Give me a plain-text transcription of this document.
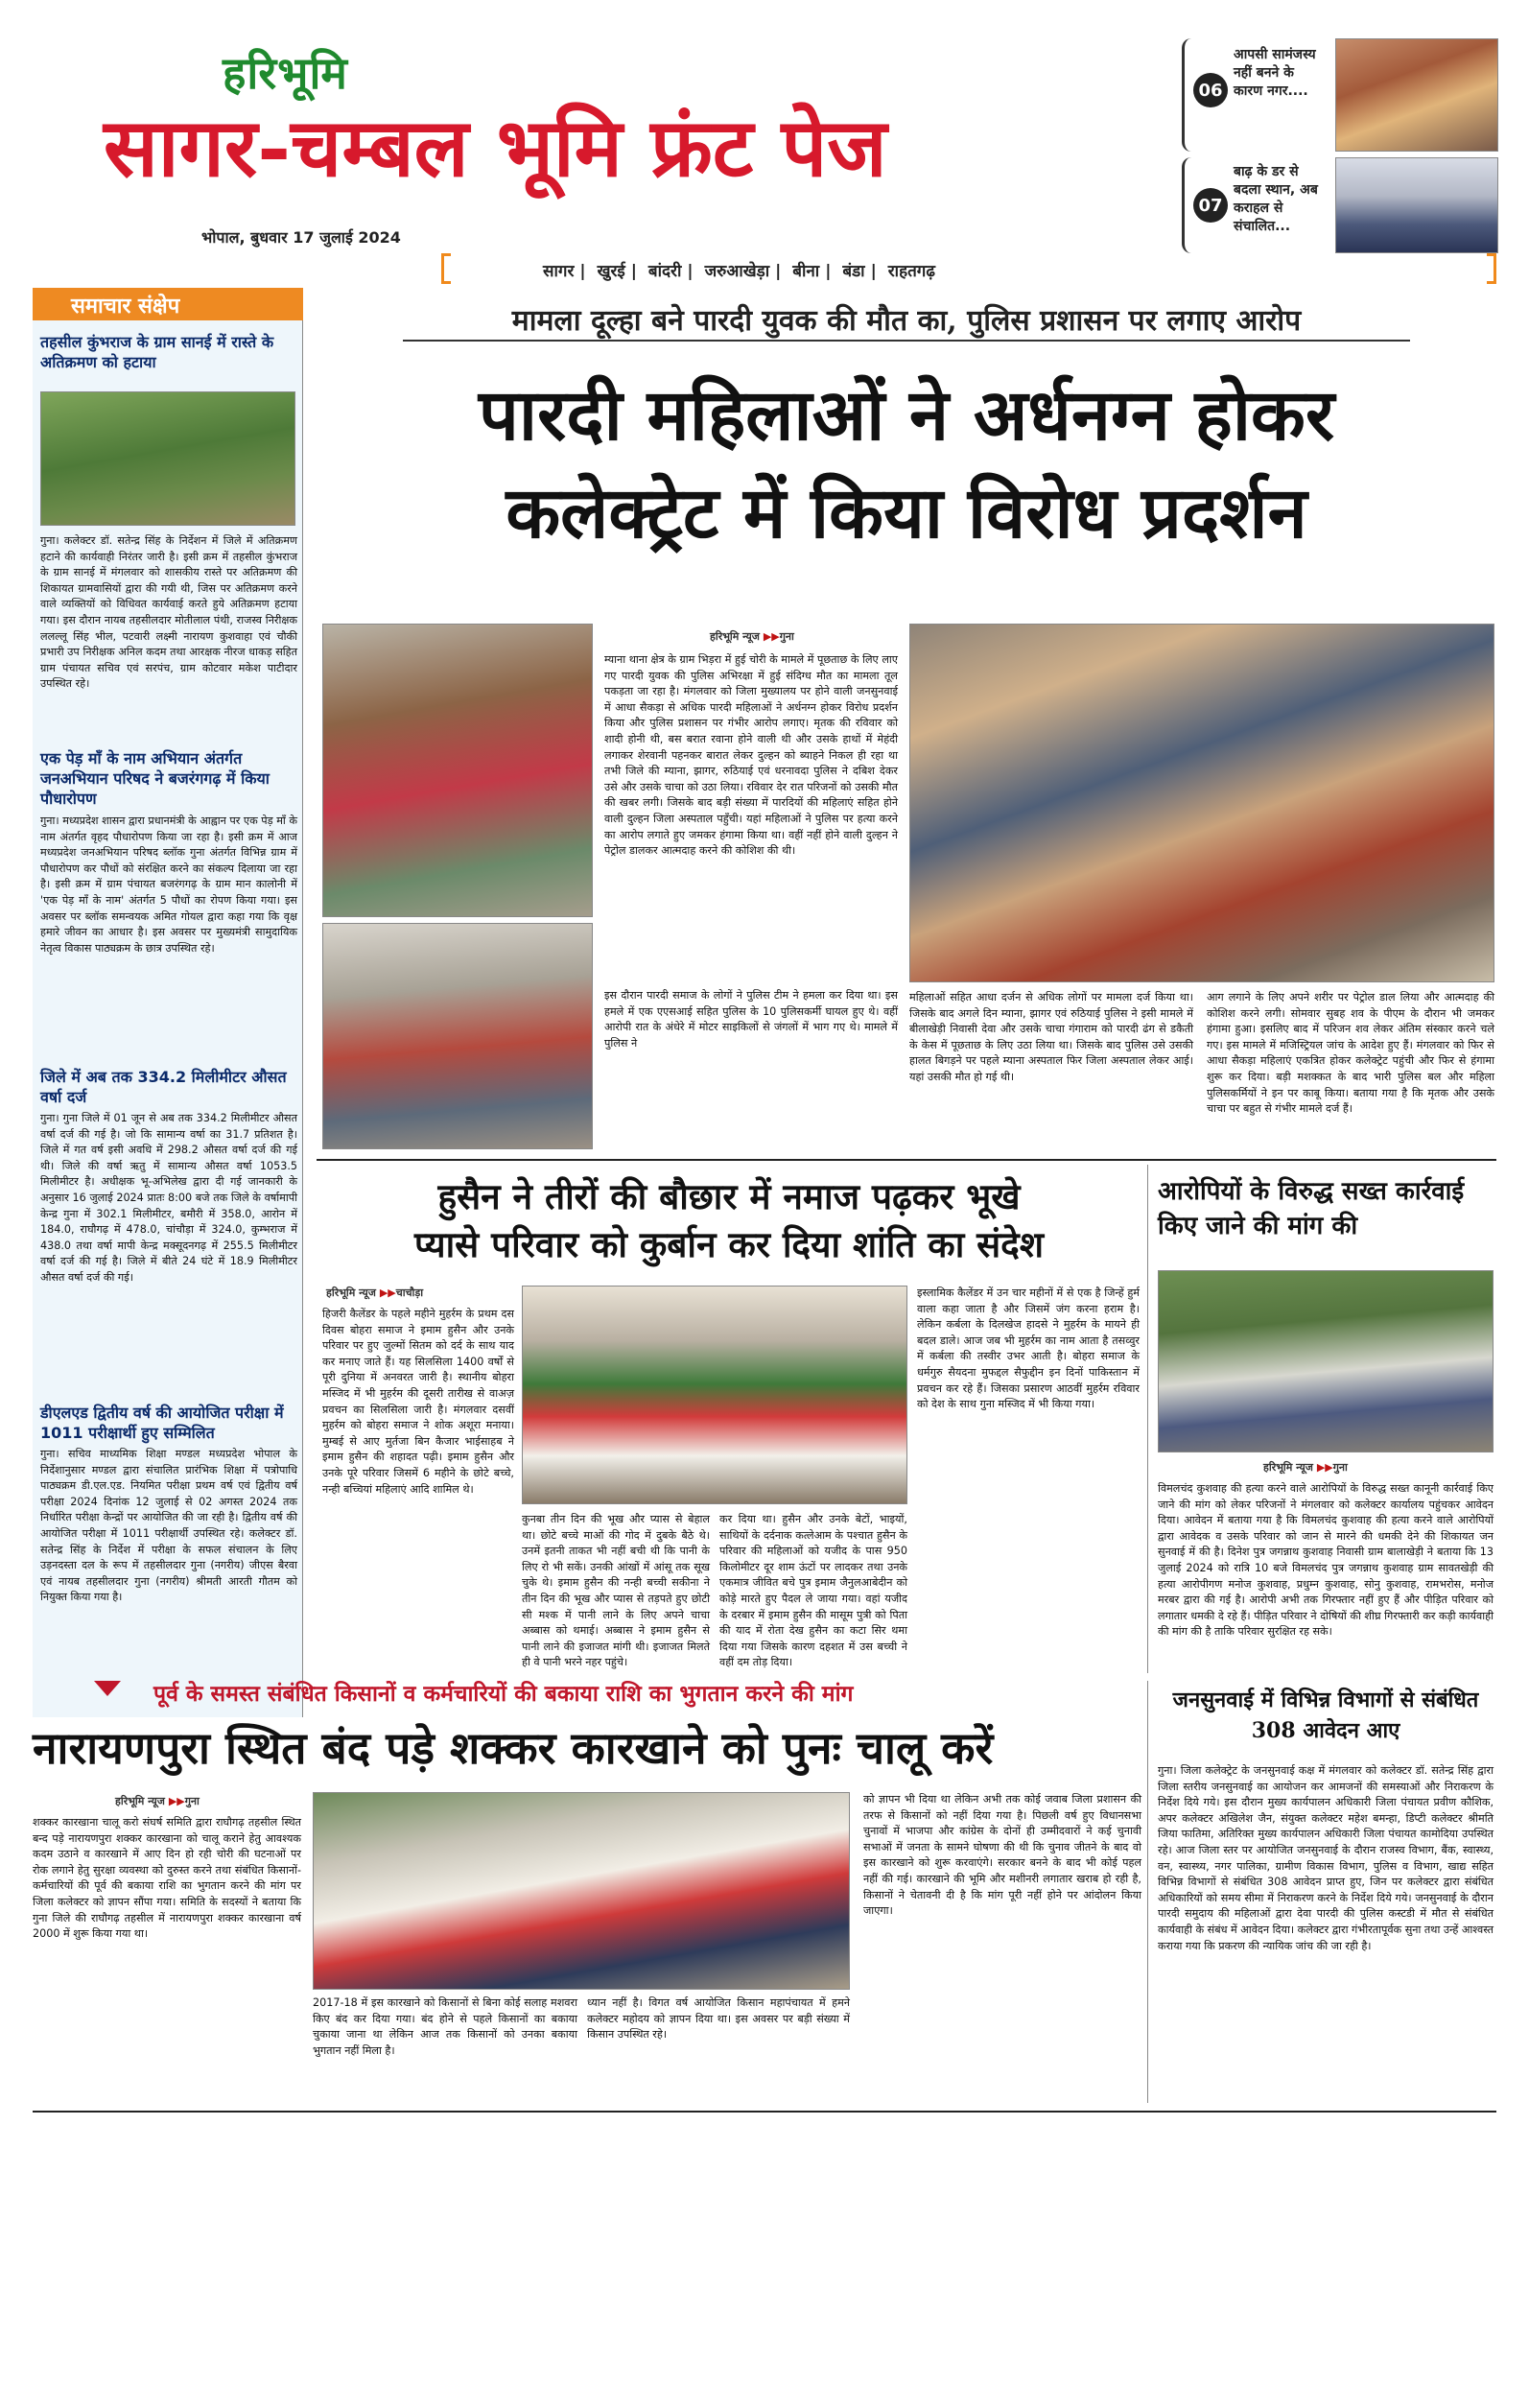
हरिभूमि
सागर-चम्बल भूमि फ्रंट पेज
भोपाल, बुधवार 17 जुलाई 2024
सागर | खुरई | बांदरी | जरुआखेड़ा | बीना | बंडा | राहतगढ़
06
आपसी सामंजस्य नहीं बनने के कारण नगर....
07
बाढ़ के डर से बदला स्थान, अब कराहल से संचालित...
समाचार संक्षेप
तहसील कुंभराज के ग्राम सानई में रास्ते के अतिक्रमण को हटाया
गुना। कलेक्टर डॉ. सतेन्द्र सिंह के निर्देशन में जिले में अतिक्रमण हटाने की कार्यवाही निरंतर जारी है। इसी क्रम में तहसील कुंभराज के ग्राम सानई में मंगलवार को शासकीय रास्ते पर अतिक्रमण की शिकायत ग्रामवासियों द्वारा की गयी थी, जिस पर अतिक्रमण करने वाले व्यक्तियों को विधिवत कार्यवाई करते हुये अतिक्रमण हटाया गया। इस दौरान नायब तहसीलदार मोतीलाल पंथी, राजस्व निरीक्षक ललल्लू सिंह भील, पटवारी लक्ष्मी नारायण कुशवाहा एवं चौकी प्रभारी उप निरीक्षक अनिल कदम तथा आरक्षक नीरज धाकड़ सहित ग्राम पंचायत सचिव एवं सरपंच, ग्राम कोटवार मकेश पाटीदार उपस्थित रहे।
एक पेड़ माँ के नाम अभियान अंतर्गत जनअभियान परिषद ने बजरंगगढ़ में किया पौधारोपण
गुना। मध्यप्रदेश शासन द्वारा प्रधानमंत्री के आह्वान पर एक पेड़ माँ के नाम अंतर्गत वृहद पौधारोपण किया जा रहा है। इसी क्रम में आज मध्यप्रदेश जनअभियान परिषद ब्लॉक गुना अंतर्गत विभिन्न ग्राम में पौधारोपण कर पौधों को संरक्षित करने का संकल्प दिलाया जा रहा है। इसी क्रम में ग्राम पंचायत बजरंगगढ़ के ग्राम मान कालोनी में 'एक पेड़ माँ के नाम' अंतर्गत 5 पौधों का रोपण किया गया। इस अवसर पर ब्लॉक समन्वयक अमित गोयल द्वारा कहा गया कि वृक्ष हमारे जीवन का आधार है। इस अवसर पर मुख्यमंत्री सामुदायिक नेतृत्व विकास पाठ्यक्रम के छात्र उपस्थित रहे।
जिले में अब तक 334.2 मिलीमीटर औसत वर्षा दर्ज
गुना। गुना जिले में 01 जून से अब तक 334.2 मिलीमीटर औसत वर्षा दर्ज की गई है। जो कि सामान्य वर्षा का 31.7 प्रतिशत है। जिले में गत वर्ष इसी अवधि में 298.2 औसत वर्षा दर्ज की गई थी। जिले की वर्षा ऋतु में सामान्य औसत वर्षा 1053.5 मिलीमीटर है। अधीक्षक भू-अभिलेख द्वारा दी गई जानकारी के अनुसार 16 जुलाई 2024 प्रातः 8:00 बजे तक जिले के वर्षामापी केन्द्र गुना में 302.1 मिलीमीटर, बमौरी में 358.0, आरोन में 184.0, राघौगढ़ में 478.0, चांचौड़ा में 324.0, कुम्भराज में 438.0 तथा वर्षा मापी केन्द्र मक्सूदनगढ़ में 255.5 मिलीमीटर वर्षा दर्ज की गई है। जिले में बीते 24 घंटे में 18.9 मिलीमीटर औसत वर्षा दर्ज की गई।
डीएलएड द्वितीय वर्ष की आयोजित परीक्षा में 1011 परीक्षार्थी हुए सम्मिलित
गुना। सचिव माध्यमिक शिक्षा मण्डल मध्यप्रदेश भोपाल के निर्देशानुसार मण्डल द्वारा संचालित प्रारंभिक शिक्षा में पत्रोपाधि पाठ्यक्रम डी.एल.एड. नियमित परीक्षा प्रथम वर्ष एवं द्वितीय वर्ष परीक्षा 2024 दिनांक 12 जुलाई से 02 अगस्त 2024 तक निर्धारित परीक्षा केन्द्रों पर आयोजित की जा रही है। द्वितीय वर्ष की आयोजित परीक्षा में 1011 परीक्षार्थी उपस्थित रहे। कलेक्टर डॉ. सतेन्द्र सिंह के निर्देश में परीक्षा के सफल संचालन के लिए उड़नदस्ता दल के रूप में तहसीलदार गुना (नगरीय) जीएस बैरवा एवं नायब तहसीलदार गुना (नगरीय) श्रीमती आरती गौतम को नियुक्त किया गया है।
मामला दूल्हा बने पारदी युवक की मौत का, पुलिस प्रशासन पर लगाए आरोप
पारदी महिलाओं ने अर्धनग्न होकर
कलेक्ट्रेट में किया विरोध प्रदर्शन
हरिभूमि न्यूज ▶▶गुना
म्याना थाना क्षेत्र के ग्राम भिड़रा में हुई चोरी के मामले में पूछताछ के लिए लाए गए पारदी युवक की पुलिस अभिरक्षा में हुई संदिग्ध मौत का मामला तूल पकड़ता जा रहा है। मंगलवार को जिला मुख्यालय पर होने वाली जनसुनवाई में आधा सैकड़ा से अधिक पारदी महिलाओं ने अर्धनग्न होकर विरोध प्रदर्शन किया और पुलिस प्रशासन पर गंभीर आरोप लगाए। मृतक की रविवार को शादी होनी थी, बस बरात रवाना होने वाली थी और उसके हाथों में मेहंदी लगाकर शेरवानी पहनकर बारात लेकर दुल्हन को ब्याहने निकल ही रहा था तभी जिले की म्याना, झागर, रुठियाई एवं धरनावदा पुलिस ने दबिश देकर उसे और उसके चाचा को उठा लिया। रविवार देर रात परिजनों को उसकी मौत की खबर लगी। जिसके बाद बड़ी संख्या में पारदियों की महिलाएं सहित होने वाली दुल्हन जिला अस्पताल पहुँची। यहां महिलाओं ने पुलिस पर हत्या करने का आरोप लगाते हुए जमकर हंगामा किया था। वहीं नहीं होने वाली दुल्हन ने पेट्रोल डालकर आत्मदाह करने की कोशिश की थी।
इस दौरान पारदी समाज के लोगों ने पुलिस टीम ने हमला कर दिया था। इस हमले में एक एएसआई सहित पुलिस के 10 पुलिसकर्मी घायल हुए थे। वहीं आरोपी रात के अंधेरे में मोटर साइकिलों से जंगलों में भाग गए थे। मामले में पुलिस ने
महिलाओं सहित आधा दर्जन से अधिक लोगों पर मामला दर्ज किया था। जिसके बाद अगले दिन म्याना, झागर एवं रुठियाई पुलिस ने इसी मामले में बीलाखेड़ी निवासी देवा और उसके चाचा गंगाराम को पारदी ढंग से डकैती के केस में पूछताछ के लिए उठा लिया था। जिसके बाद पुलिस उसे उसकी हालत बिगड़ने पर पहले म्याना अस्पताल फिर जिला अस्पताल लेकर आई। यहां उसकी मौत हो गई थी।
आग लगाने के लिए अपने शरीर पर पेट्रोल डाल लिया और आत्मदाह की कोशिश करने लगी। सोमवार सुबह शव के पीएम के दौरान भी जमकर हंगामा हुआ। इसलिए बाद में परिजन शव लेकर अंतिम संस्कार करने चले गए। इस मामले में मजिस्ट्रियल जांच के आदेश हुए हैं। मंगलवार को फिर से आधा सैकड़ा महिलाएं एकत्रित होकर कलेक्ट्रेट पहुंची और फिर से हंगामा शुरू कर दिया। बड़ी मशक्कत के बाद भारी पुलिस बल और महिला पुलिसकर्मियों ने इन पर काबू किया। बताया गया है कि मृतक और उसके चाचा पर बहुत से गंभीर मामले दर्ज हैं।
हुसैन ने तीरों की बौछार में नमाज पढ़कर भूखे
प्यासे परिवार को कुर्बान कर दिया शांति का संदेश
हरिभूमि न्यूज ▶▶चाचौड़ा
हिजरी कैलेंडर के पहले महीने मुहर्रम के प्रथम दस दिवस बोहरा समाज ने इमाम हुसैन और उनके परिवार पर हुए जुल्मों सितम को दर्द के साथ याद कर मनाए जाते हैं। यह सिलसिला 1400 वर्षों से पूरी दुनिया में अनवरत जारी है। स्थानीय बोहरा मस्जिद में भी मुहर्रम की दूसरी तारीख से वाअज़ प्रवचन का सिलसिला जारी है। मंगलवार दसवीं मुहर्रम को बोहरा समाज ने शोक अशूरा मनाया। मुम्बई से आए मुर्तजा बिन कैजार भाईसाहब ने इमाम हुसैन की शहादत पढ़ी। इमाम हुसैन और उनके पूरे परिवार जिसमें 6 महीने के छोटे बच्चे, नन्ही बच्चियां महिलाएं आदि शामिल थे।
कुनबा तीन दिन की भूख और प्यास से बेहाल था। छोटे बच्चे माओं की गोद में दुबके बैठे थे। उनमें इतनी ताकत भी नहीं बची थी कि पानी के लिए रो भी सकें। उनकी आंखों में आंसू तक सूख चुके थे। इमाम हुसैन की नन्ही बच्ची सकीना ने तीन दिन की भूख और प्यास से तड़पते हुए छोटी सी मश्क में पानी लाने के लिए अपने चाचा अब्बास को थमाई। अब्बास ने इमाम हुसैन से पानी लाने की इजाजत मांगी थी। इजाजत मिलते ही वे पानी भरने नहर पहुंचे।
कर दिया था। हुसैन और उनके बेटों, भाइयों, साथियों के दर्दनाक कत्लेआम के पश्चात हुसैन के परिवार की महिलाओं को यजीद के पास 950 किलोमीटर दूर शाम ऊंटों पर लादकर तथा उनके एकमात्र जीवित बचे पुत्र इमाम जैनुलआबेदीन को कोड़े मारते हुए पैदल ले जाया गया। वहां यजीद के दरबार में इमाम हुसैन की मासूम पुत्री को पिता की याद में रोता देख हुसैन का कटा सिर थमा दिया गया जिसके कारण दहशत में उस बच्ची ने वहीं दम तोड़ दिया।
इस्लामिक कैलेंडर में उन चार महीनों में से एक है जिन्हें हुर्म वाला कहा जाता है और जिसमें जंग करना हराम है। लेकिन कर्बला के दिलखेज हादसे ने मुहर्रम के मायने ही बदल डाले। आज जब भी मुहर्रम का नाम आता है तसव्वुर में कर्बला की तस्वीर उभर आती है। बोहरा समाज के धर्मगुरु सैयदना मुफद्दल सैफुद्दीन इन दिनों पाकिस्तान में प्रवचन कर रहे हैं। जिसका प्रसारण आठवीं मुहर्रम रविवार को देश के साथ गुना मस्जिद में भी किया गया।
आरोपियों के विरुद्ध सख्त कार्रवाई किए जाने की मांग की
हरिभूमि न्यूज ▶▶गुना
विमलचंद कुशवाह की हत्या करने वाले आरोपियों के विरुद्ध सख्त कानूनी कार्रवाई किए जाने की मांग को लेकर परिजनों ने मंगलवार को कलेक्टर कार्यालय पहुंचकर आवेदन दिया। आवेदन में बताया गया है कि विमलचंद कुशवाह की हत्या करने वाले आरोपियों द्वारा आवेदक व उसके परिवार को जान से मारने की धमकी देने की शिकायत जन सुनवाई में की है। दिनेश पुत्र जगन्नाथ कुशवाह निवासी ग्राम बालाखेड़ी ने बताया कि 13 जुलाई 2024 को रात्रि 10 बजे विमलचंद पुत्र जगन्नाथ कुशवाह ग्राम सावतखेड़ी की हत्या आरोपीगण मनोज कुशवाह, प्रधुम्न कुशवाह, सोनु कुशवाह, रामभरोस, मनोज मरबर द्वारा की गई है। आरोपी अभी तक गिरफ्तार नहीं हुए हैं और पीड़ित परिवार को लगातार धमकी दे रहे हैं। पीड़ित परिवार ने दोषियों की शीघ्र गिरफ्तारी कर कड़ी कार्यवाही की मांग की है ताकि परिवार सुरक्षित रह सके।
पूर्व के समस्त संबंधित किसानों व कर्मचारियों की बकाया राशि का भुगतान करने की मांग
नारायणपुरा स्थित बंद पड़े शक्कर कारखाने को पुनः चालू करें
हरिभूमि न्यूज ▶▶गुना
शक्कर कारखाना चालू करो संघर्ष समिति द्वारा राघौगढ़ तहसील स्थित बन्द पड़े नारायणपुरा शक्कर कारखाना को चालू कराने हेतु आवश्यक कदम उठाने व कारखाने में आए दिन हो रही चोरी की घटनाओं पर रोक लगाने हेतु सुरक्षा व्यवस्था को दुरुस्त करने तथा संबंधित किसानों-कर्मचारियों की पूर्व की बकाया राशि का भुगतान करने की मांग पर जिला कलेक्टर को ज्ञापन सौंपा गया। समिति के सदस्यों ने बताया कि गुना जिले की राघौगढ़ तहसील में नारायणपुरा शक्कर कारखाना वर्ष 2000 में शुरू किया गया था।
2017-18 में इस कारखाने को किसानों से बिना कोई सलाह मशवरा किए बंद कर दिया गया। बंद होने से पहले किसानों का बकाया चुकाया जाना था लेकिन आज तक किसानों को उनका बकाया भुगतान नहीं मिला है।
ध्यान नहीं है। विगत वर्ष आयोजित किसान महापंचायत में हमने कलेक्टर महोदय को ज्ञापन दिया था। इस अवसर पर बड़ी संख्या में किसान उपस्थित रहे।
को ज्ञापन भी दिया था लेकिन अभी तक कोई जवाब जिला प्रशासन की तरफ से किसानों को नहीं दिया गया है। पिछली वर्ष हुए विधानसभा चुनावों में भाजपा और कांग्रेस के दोनों ही उम्मीदवारों ने कई चुनावी सभाओं में जनता के सामने घोषणा की थी कि चुनाव जीतने के बाद वो इस कारखाने को शुरू करवाएंगे। सरकार बनने के बाद भी कोई पहल नहीं की गई। कारखाने की भूमि और मशीनरी लगातार खराब हो रही है, किसानों ने चेतावनी दी है कि मांग पूरी नहीं होने पर आंदोलन किया जाएगा।
जनसुनवाई में विभिन्न विभागों से संबंधित 308 आवेदन आए
गुना। जिला कलेक्ट्रेट के जनसुनवाई कक्ष में मंगलवार को कलेक्टर डॉ. सतेन्द्र सिंह द्वारा जिला स्तरीय जनसुनवाई का आयोजन कर आमजनों की समस्याओं और निराकरण के निर्देश दिये गये। इस दौरान मुख्य कार्यपालन अधिकारी जिला पंचायत प्रवीण कौशिक, अपर कलेक्टर अखिलेश जैन, संयुक्त कलेक्टर महेश बमन्हा, डिप्टी कलेक्टर श्रीमति जिया फातिमा, अतिरिक्त मुख्य कार्यपालन अधिकारी जिला पंचायत कामोदिया उपस्थित रहे। आज जिला स्तर पर आयोजित जनसुनवाई के दौरान राजस्व विभाग, बैंक, स्वास्थ्य, वन, स्वास्थ्य, नगर पालिका, ग्रामीण विकास विभाग, पुलिस व विभाग, खाद्य सहित विभिन्न विभागों से संबंधित 308 आवेदन प्राप्त हुए, जिन पर कलेक्टर द्वारा संबंधित अधिकारियों को समय सीमा में निराकरण करने के निर्देश दिये गये। जनसुनवाई के दौरान पारदी समुदाय की महिलाओं द्वारा देवा पारदी की पुलिस कस्टडी में मौत से संबंधित कार्यवाही के संबंध में आवेदन दिया। कलेक्टर द्वारा गंभीरतापूर्वक सुना तथा उन्हें आश्वस्त कराया गया कि प्रकरण की न्यायिक जांच की जा रही है।
